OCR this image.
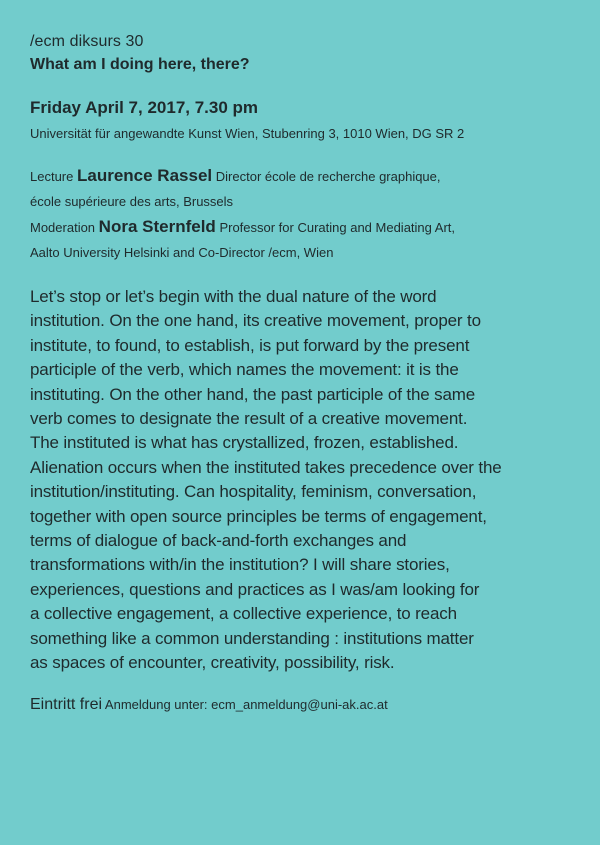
/ecm diksurs 30
What am I doing here, there?
Friday April 7, 2017, 7.30 pm
Universität für angewandte Kunst Wien, Stubenring 3, 1010 Wien, DG SR 2
Lecture Laurence Rassel Director école de recherche graphique,
école supérieure des arts, Brussels
Moderation Nora Sternfeld Professor for Curating and Mediating Art,
Aalto University Helsinki and Co-Director /ecm, Wien
Let’s stop or let’s begin with the dual nature of the word
institution. On the one hand, its creative movement, proper to
institute, to found, to establish, is put forward by the present
participle of the verb, which names the movement: it is the
instituting. On the other hand, the past participle of the same
verb comes to designate the result of a creative movement.
The instituted is what has crystallized, frozen, established.
Alienation occurs when the instituted takes precedence over the
institution/instituting. Can hospitality, feminism, conversation,
together with open source principles be terms of engagement,
terms of dialogue of back-and-forth exchanges and
transformations with/in the institution? I will share stories,
experiences, questions and practices as I was/am looking for
a collective engagement, a collective experience, to reach
something like a common understanding : institutions matter
as spaces of encounter, creativity, possibility, risk.
Eintritt frei Anmeldung unter: ecm_anmeldung@uni-ak.ac.at
